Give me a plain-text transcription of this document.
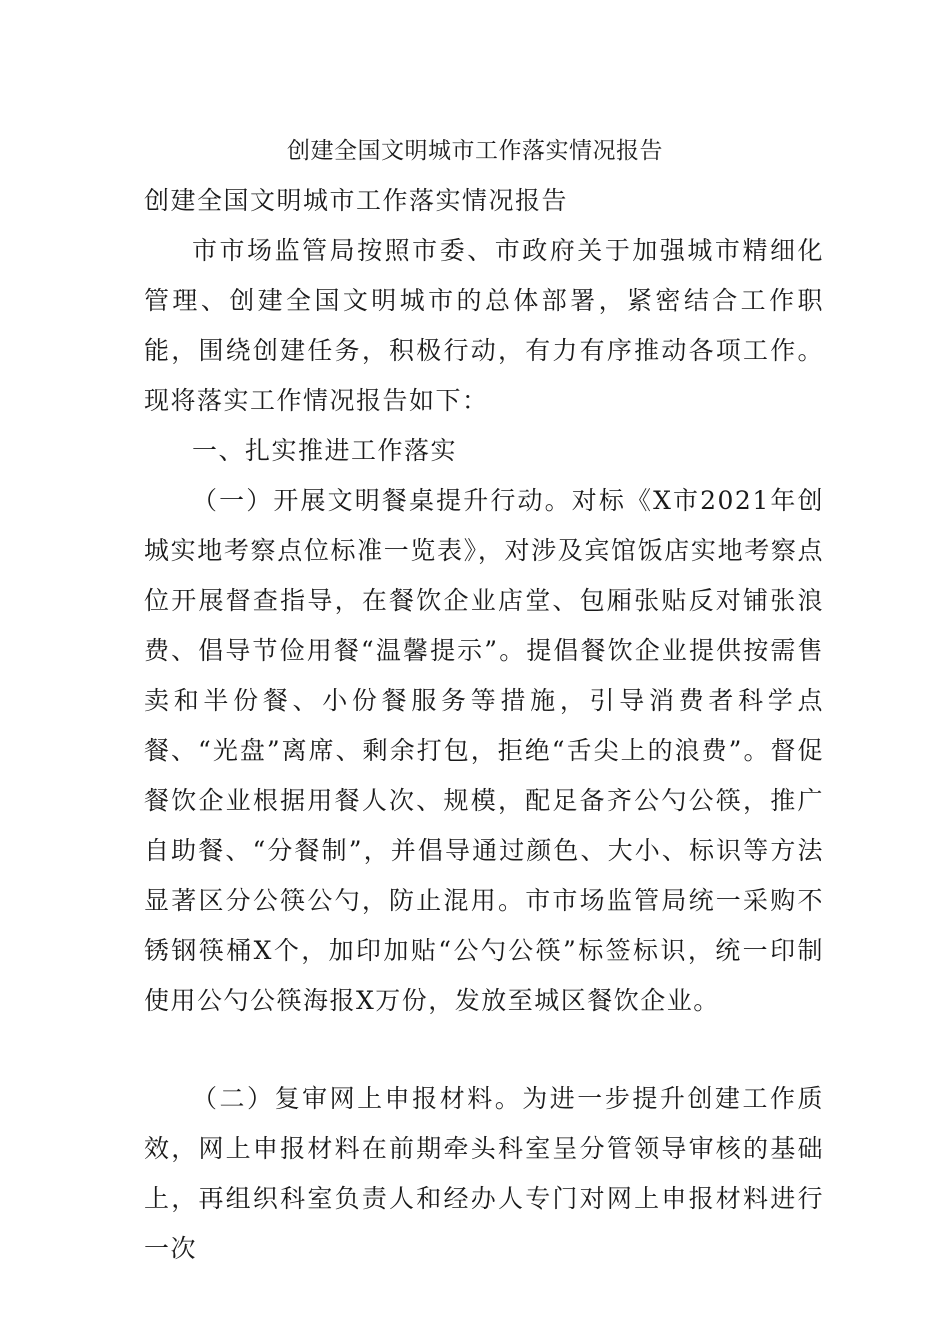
创建全国文明城市工作落实情况报告

创建全国文明城市工作落实情况报告

市市场监管局按照市委、市政府关于加强城市精细化管理、创建全国文明城市的总体部署，紧密结合工作职能，围绕创建任务，积极行动，有力有序推动各项工作。现将落实工作情况报告如下：

一、扎实推进工作落实

（一）开展文明餐桌提升行动。对标《X市2021年创城实地考察点位标准一览表》，对涉及宾馆饭店实地考察点位开展督查指导，在餐饮企业店堂、包厢张贴反对铺张浪费、倡导节俭用餐“温馨提示”。提倡餐饮企业提供按需售卖和半份餐、小份餐服务等措施，引导消费者科学点餐、“光盘”离席、剩余打包，拒绝“舌尖上的浪费”。督促餐饮企业根据用餐人次、规模，配足备齐公勺公筷，推广自助餐、“分餐制”，并倡导通过颜色、大小、标识等方法显著区分公筷公勺，防止混用。市市场监管局统一采购不锈钢筷桶X个，加印加贴“公勺公筷”标签标识，统一印制使用公勺公筷海报X万份，发放至城区餐饮企业。

（二）复审网上申报材料。为进一步提升创建工作质效，网上申报材料在前期牵头科室呈分管领导审核的基础上，再组织科室负责人和经办人专门对网上申报材料进行一次
